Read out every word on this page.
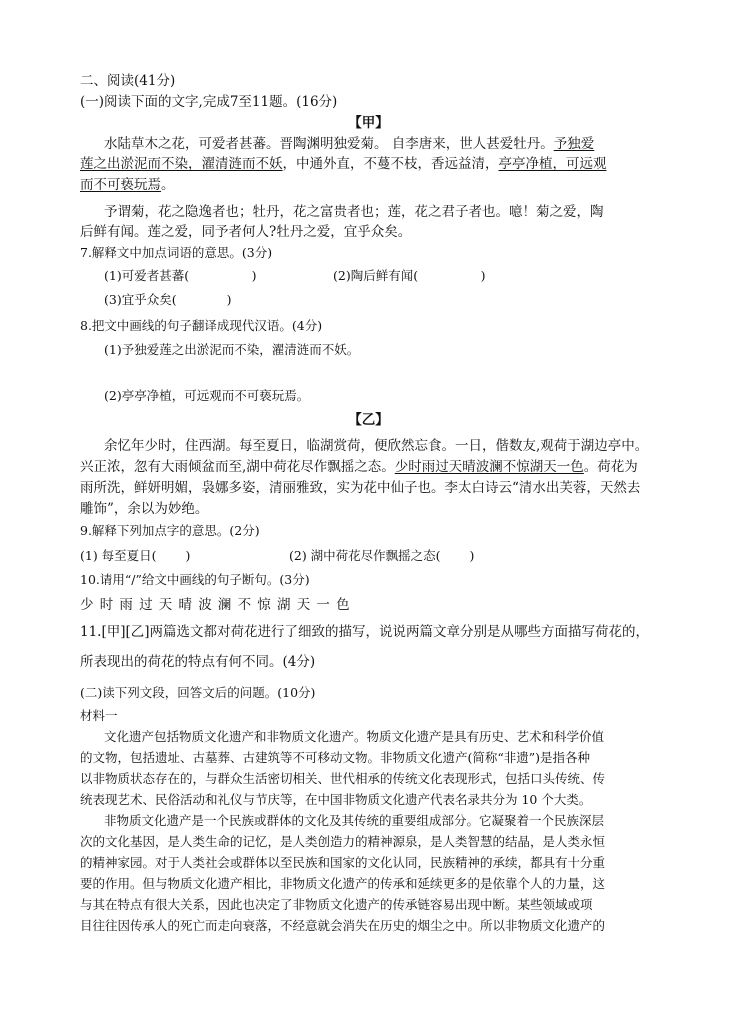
二、阅读(41分)
(一)阅读下面的文字,完成7至11题。(16分)
【甲】
水陆草木之花，可爱者甚蕃。晋陶渊明独爱菊。 自李唐来，世人甚爱牡丹。予独爱
莲之出淤泥而不染，濯清涟而不妖，中通外直，不蔓不枝，香远益清，亭亭净植，可远观
而不可亵玩焉。
予谓菊，花之隐逸者也；牡丹，花之富贵者也；莲，花之君子者也。噫！菊之爱，陶
后鲜有闻。莲之爱，同予者何人?牡丹之爱，宜乎众矣。
7.解释文中加点词语的意思。(3分)
(1)可爱者甚蕃(　　　　　)	(2)陶后鲜有闻(　　　　　)
(3)宜乎众矣(　　　　)
8.把文中画线的句子翻译成现代汉语。(4分)
(1)予独爱莲之出淤泥而不染，濯清涟而不妖。
(2)亭亭净植，可远观而不可亵玩焉。
【乙】
余忆年少时，住西湖。每至夏日，临湖赏荷，便欣然忘食。一日，偕数友,观荷于湖边亭中。
兴正浓，忽有大雨倾盆而至,湖中荷花尽作飘摇之态。少时雨过天晴波澜不惊湖天一色。荷花为
雨所洗，鲜妍明媚，袅娜多姿，清丽雅致，实为花中仙子也。李太白诗云“清水出芙蓉，天然去
雕饰”，余以为妙绝。
9.解释下列加点字的意思。(2分)
(1) 每至夏日(　　 )	(2) 湖中荷花尽作飘摇之态(　　 )
10.请用“/”给文中画线的句子断句。(3分)
少时雨过天晴波澜不惊湖天一色
11.[甲][乙]两篇选文都对荷花进行了细致的描写，说说两篇文章分别是从哪些方面描写荷花的，
所表现出的荷花的特点有何不同。(4分)
(二)读下列文段，回答文后的问题。(10分)
材料一
文化遗产包括物质文化遗产和非物质文化遗产。物质文化遗产是具有历史、艺术和科学价值
的文物，包括遗址、古墓葬、古建筑等不可移动文物。非物质文化遗产(简称“非遗”)是指各种
以非物质状态存在的，与群众生活密切相关、世代相承的传统文化表现形式，包括口头传统、传
统表现艺术、民俗活动和礼仪与节庆等，在中国非物质文化遗产代表名录共分为 10 个大类。
非物质文化遗产是一个民族或群体的文化及其传统的重要组成部分。它凝聚着一个民族深层
次的文化基因，是人类生命的记忆，是人类创造力的精神源泉，是人类智慧的结晶，是人类永恒
的精神家园。对于人类社会或群体以至民族和国家的文化认同，民族精神的承续，都具有十分重
要的作用。但与物质文化遗产相比，非物质文化遗产的传承和延续更多的是依靠个人的力量，这
与其在特点有很大关系，因此也决定了非物质文化遗产的传承链容易出现中断。某些领域或项
目往往因传承人的死亡而走向衰落，不经意就会消失在历史的烟尘之中。所以非物质文化遗产的
